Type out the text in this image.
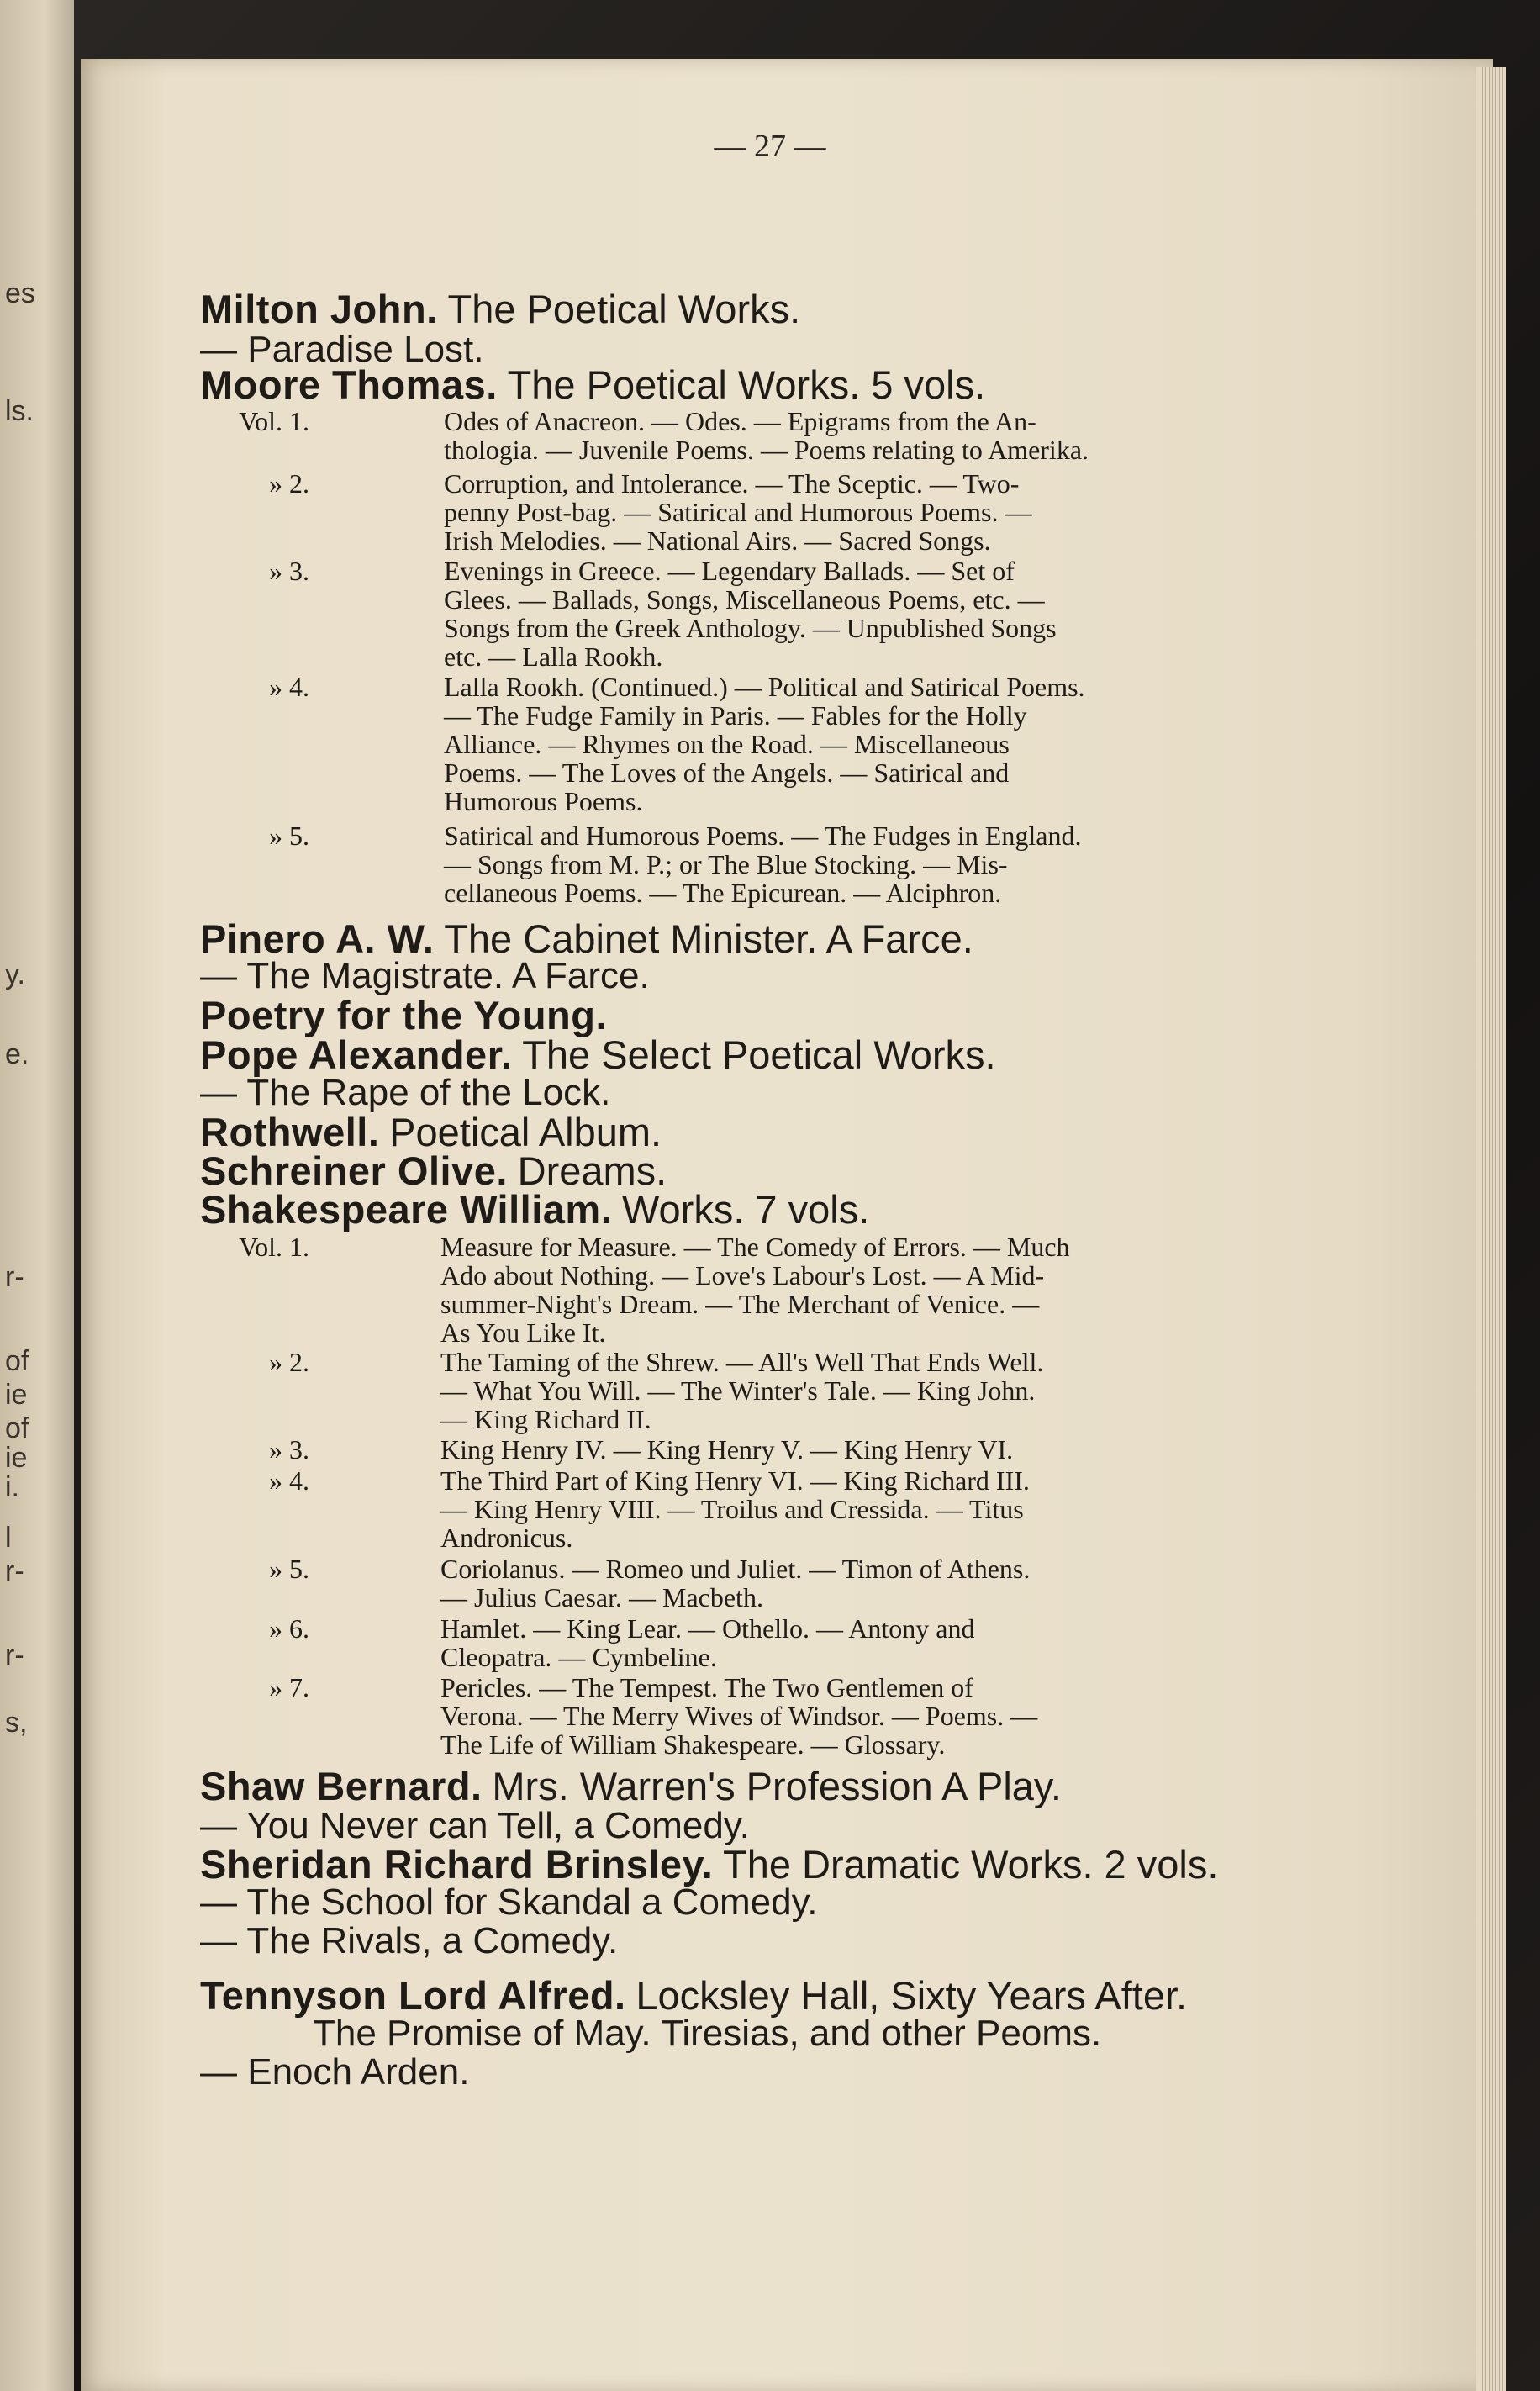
es
ls.
y.
e.
r-
of
ie
of
ie
i.
l
r-
r-
s,
— 27 —
Milton John. The Poetical Works.
— Paradise Lost.
Moore Thomas. The Poetical Works. 5 vols.
Vol. 1.	Odes of Anacreon. — Odes. — Epigrams from the An-
thologia. — Juvenile Poems. — Poems relating to Amerika.
» 2.	Corruption, and Intolerance. — The Sceptic. — Two-
penny Post-bag. — Satirical and Humorous Poems. —
Irish Melodies. — National Airs. — Sacred Songs.
» 3.	Evenings in Greece. — Legendary Ballads. — Set of
Glees. — Ballads, Songs, Miscellaneous Poems, etc. —
Songs from the Greek Anthology. — Unpublished Songs
etc. — Lalla Rookh.
» 4.	Lalla Rookh. (Continued.) — Political and Satirical Poems.
— The Fudge Family in Paris. — Fables for the Holly
Alliance. — Rhymes on the Road. — Miscellaneous
Poems. — The Loves of the Angels. — Satirical and
Humorous Poems.
» 5.	Satirical and Humorous Poems. — The Fudges in England.
— Songs from M. P.; or The Blue Stocking. — Mis-
cellaneous Poems. — The Epicurean. — Alciphron.
Pinero A. W. The Cabinet Minister. A Farce.
— The Magistrate. A Farce.
Poetry for the Young.
Pope Alexander. The Select Poetical Works.
— The Rape of the Lock.
Rothwell. Poetical Album.
Schreiner Olive. Dreams.
Shakespeare William. Works. 7 vols.
Vol. 1.	Measure for Measure. — The Comedy of Errors. — Much
Ado about Nothing. — Love's Labour's Lost. — A Mid-
summer-Night's Dream. — The Merchant of Venice. —
As You Like It.
» 2.	The Taming of the Shrew. — All's Well That Ends Well.
— What You Will. — The Winter's Tale. — King John.
— King Richard II.
» 3.	King Henry IV. — King Henry V. — King Henry VI.
» 4.	The Third Part of King Henry VI. — King Richard III.
— King Henry VIII. — Troilus and Cressida. — Titus
Andronicus.
» 5.	Coriolanus. — Romeo und Juliet. — Timon of Athens.
— Julius Caesar. — Macbeth.
» 6.	Hamlet. — King Lear. — Othello. — Antony and
Cleopatra. — Cymbeline.
» 7.	Pericles. — The Tempest. The Two Gentlemen of
Verona. — The Merry Wives of Windsor. — Poems. —
The Life of William Shakespeare. — Glossary.
Shaw Bernard. Mrs. Warren's Profession A Play.
— You Never can Tell, a Comedy.
Sheridan Richard Brinsley. The Dramatic Works. 2 vols.
— The School for Skandal a Comedy.
— The Rivals, a Comedy.
Tennyson Lord Alfred. Locksley Hall, Sixty Years After.
The Promise of May. Tiresias, and other Peoms.
— Enoch Arden.
